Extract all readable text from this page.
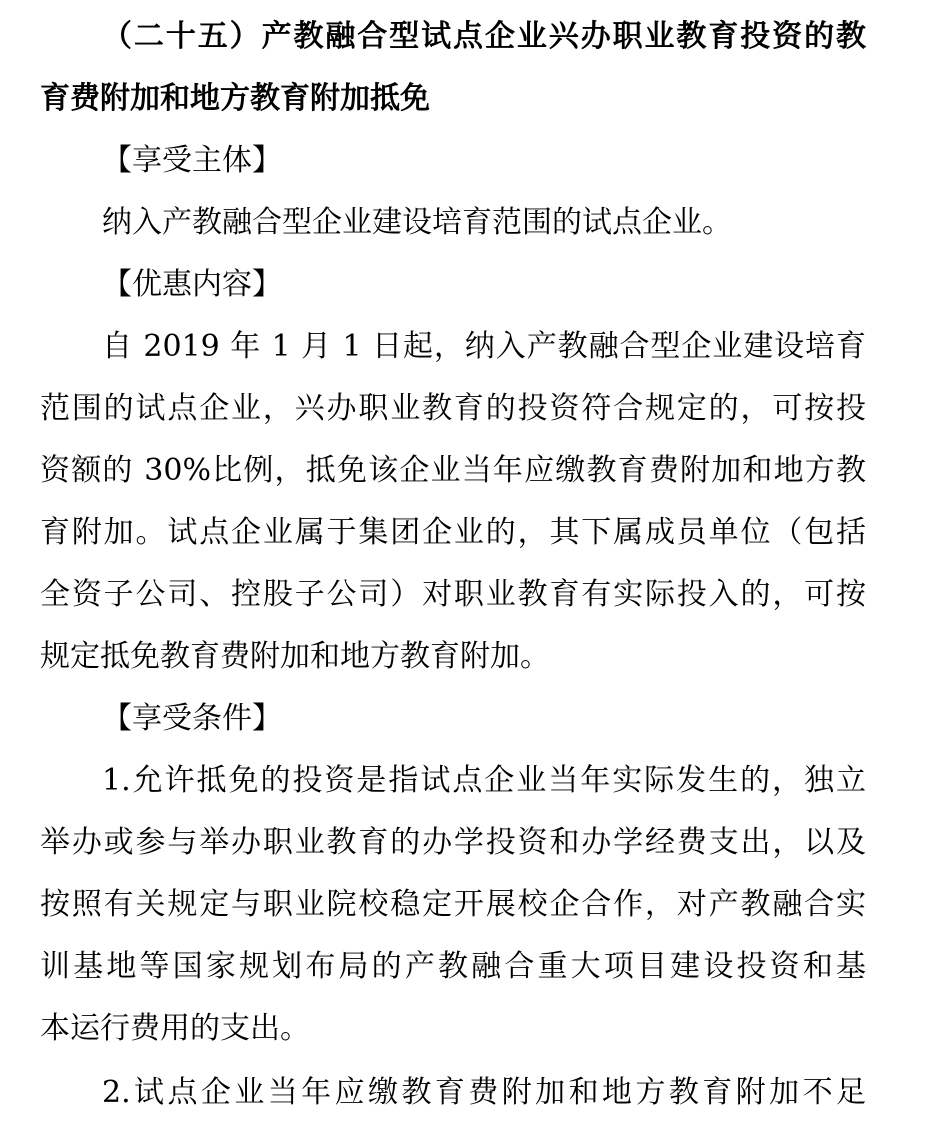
（二十五）产教融合型试点企业兴办职业教育投资的教
育费附加和地方教育附加抵免
【享受主体】
纳入产教融合型企业建设培育范围的试点企业。
【优惠内容】
自 2019 年 1 月 1 日起，纳入产教融合型企业建设培育
范围的试点企业，兴办职业教育的投资符合规定的，可按投
资额的 30%比例，抵免该企业当年应缴教育费附加和地方教
育附加。试点企业属于集团企业的，其下属成员单位（包括
全资子公司、控股子公司）对职业教育有实际投入的，可按
规定抵免教育费附加和地方教育附加。
【享受条件】
1.允许抵免的投资是指试点企业当年实际发生的，独立
举办或参与举办职业教育的办学投资和办学经费支出，以及
按照有关规定与职业院校稳定开展校企合作，对产教融合实
训基地等国家规划布局的产教融合重大项目建设投资和基
本运行费用的支出。
2.试点企业当年应缴教育费附加和地方教育附加不足
